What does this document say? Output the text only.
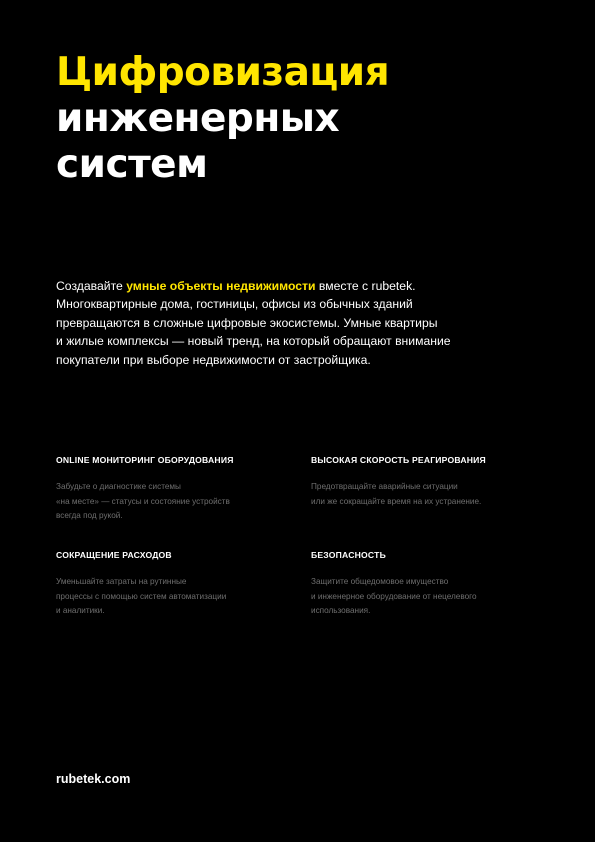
Цифровизация
инженерных
систем

Создавайте умные объекты недвижимости вместе с rubetek.
Многоквартирные дома, гостиницы, офисы из обычных зданий
превращаются в сложные цифровые экосистемы. Умные квартиры
и жилые комплексы — новый тренд, на который обращают внимание
покупатели при выборе недвижимости от застройщика.

ONLINE МОНИТОРИНГ ОБОРУДОВАНИЯ

Забудьте о диагностике системы
«на месте» — статусы и состояние устройств
всегда под рукой.

ВЫСОКАЯ СКОРОСТЬ РЕАГИРОВАНИЯ

Предотвращайте аварийные ситуации
или же сокращайте время на их устранение.

СОКРАЩЕНИЕ РАСХОДОВ

Уменьшайте затраты на рутинные
процессы с помощью систем автоматизации
и аналитики.

БЕЗОПАСНОСТЬ

Защитите общедомовое имущество
и инженерное оборудование от нецелевого
использования.

rubetek.com
